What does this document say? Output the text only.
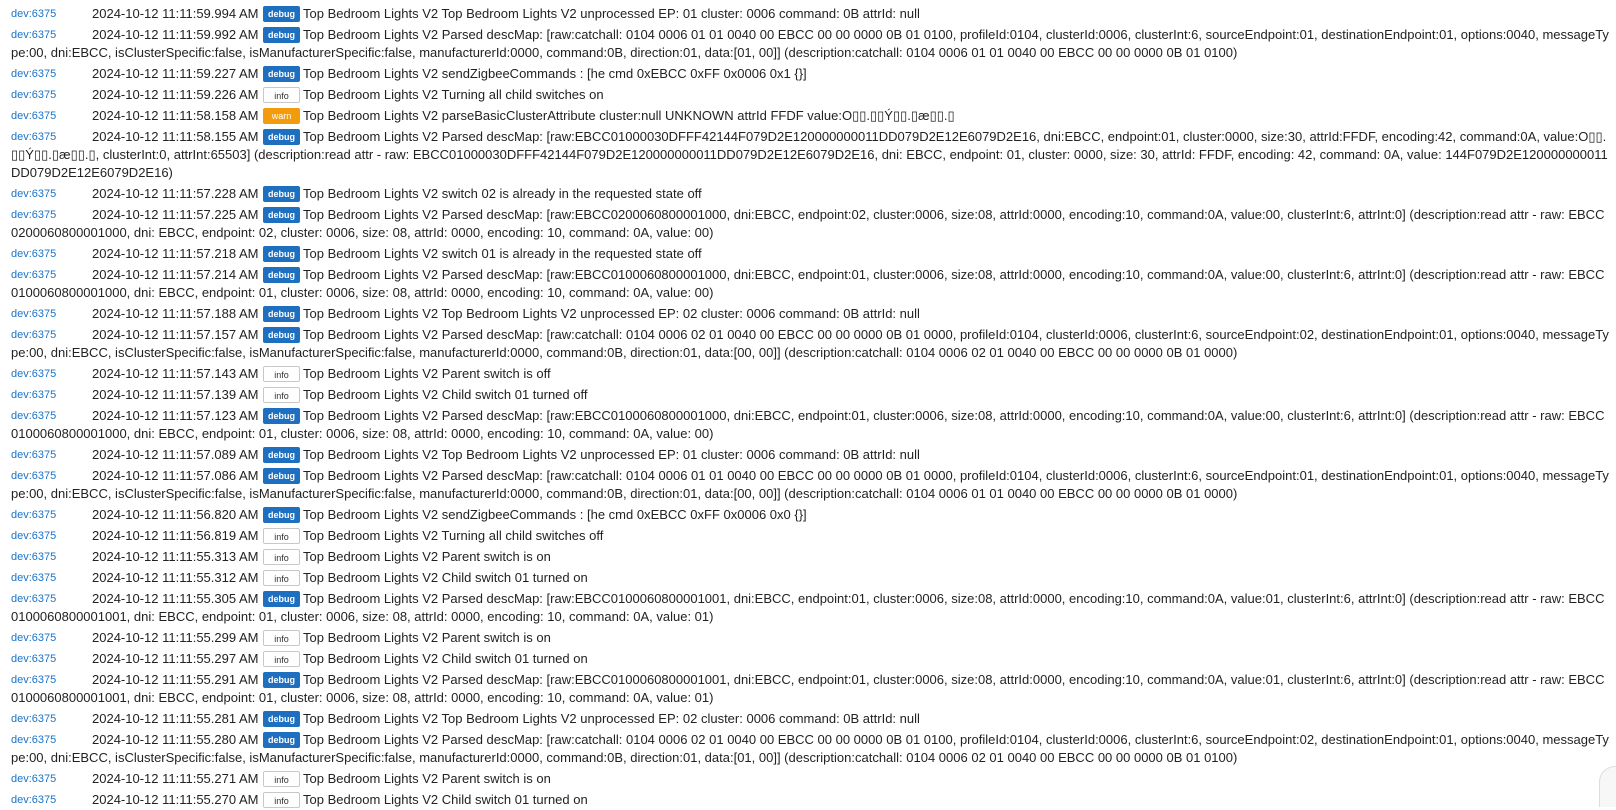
dev:6375	2024-10-12 11:11:59.994 AM	debug Top Bedroom Lights V2 Top Bedroom Lights V2 unprocessed EP: 01 cluster: 0006 command: 0B attrId: null
dev:6375	2024-10-12 11:11:59.992 AM	debug Top Bedroom Lights V2 Parsed descMap: [raw:catchall: 0104 0006 01 01 0040 00 EBCC 00 00 0000 0B 01 0100, profileId:0104, clusterId:0006, clusterInt:6, sourceEndpoint:01, destinationEndpoint:01, options:0040, messageType:00, dni:EBCC, isClusterSpecific:false, isManufacturerSpecific:false, manufacturerId:0000, command:0B, direction:01, data:[01, 00]] (description:catchall: 0104 0006 01 01 0040 00 EBCC 00 00 0000 0B 01 0100)
dev:6375	2024-10-12 11:11:59.227 AM	debug Top Bedroom Lights V2 sendZigbeeCommands : [he cmd 0xEBCC 0xFF 0x0006 0x1 {}]
dev:6375	2024-10-12 11:11:59.226 AM	info	Top Bedroom Lights V2 Turning all child switches on
dev:6375	2024-10-12 11:11:58.158 AM	warn Top Bedroom Lights V2 parseBasicClusterAttribute cluster:null UNKNOWN attrId FFDF value:O▯▯.▯▯Ý▯▯.▯æ▯▯.▯
dev:6375	2024-10-12 11:11:58.155 AM	debug Top Bedroom Lights V2 Parsed descMap: [raw:EBCC01000030DFFF42144F079D2E120000000011DD079D2E12E6079D2E16, dni:EBCC, endpoint:01, cluster:0000, size:30, attrId:FFDF, encoding:42, command:0A, value:O▯▯.▯▯Ý▯▯.▯æ▯▯.▯, clusterInt:0, attrInt:65503] (description:read attr - raw: EBCC01000030DFFF42144F079D2E120000000011DD079D2E12E6079D2E16, dni: EBCC, endpoint: 01, cluster: 0000, size: 30, attrId: FFDF, encoding: 42, command: 0A, value: 144F079D2E120000000011DD079D2E12E6079D2E16)
dev:6375	2024-10-12 11:11:57.228 AM	debug Top Bedroom Lights V2 switch 02 is already in the requested state off
dev:6375	2024-10-12 11:11:57.225 AM	debug Top Bedroom Lights V2 Parsed descMap: [raw:EBCC0200060800001000, dni:EBCC, endpoint:02, cluster:0006, size:08, attrId:0000, encoding:10, command:0A, value:00, clusterInt:6, attrInt:0] (description:read attr - raw: EBCC0200060800001000, dni: EBCC, endpoint: 02, cluster: 0006, size: 08, attrId: 0000, encoding: 10, command: 0A, value: 00)
dev:6375	2024-10-12 11:11:57.218 AM	debug Top Bedroom Lights V2 switch 01 is already in the requested state off
dev:6375	2024-10-12 11:11:57.214 AM	debug Top Bedroom Lights V2 Parsed descMap: [raw:EBCC0100060800001000, dni:EBCC, endpoint:01, cluster:0006, size:08, attrId:0000, encoding:10, command:0A, value:00, clusterInt:6, attrInt:0] (description:read attr - raw: EBCC0100060800001000, dni: EBCC, endpoint: 01, cluster: 0006, size: 08, attrId: 0000, encoding: 10, command: 0A, value: 00)
dev:6375	2024-10-12 11:11:57.188 AM	debug Top Bedroom Lights V2 Top Bedroom Lights V2 unprocessed EP: 02 cluster: 0006 command: 0B attrId: null
dev:6375	2024-10-12 11:11:57.157 AM	debug Top Bedroom Lights V2 Parsed descMap: [raw:catchall: 0104 0006 02 01 0040 00 EBCC 00 00 0000 0B 01 0000, profileId:0104, clusterId:0006, clusterInt:6, sourceEndpoint:02, destinationEndpoint:01, options:0040, messageType:00, dni:EBCC, isClusterSpecific:false, isManufacturerSpecific:false, manufacturerId:0000, command:0B, direction:01, data:[00, 00]] (description:catchall: 0104 0006 02 01 0040 00 EBCC 00 00 0000 0B 01 0000)
dev:6375	2024-10-12 11:11:57.143 AM	info	Top Bedroom Lights V2 Parent switch is off
dev:6375	2024-10-12 11:11:57.139 AM	info	Top Bedroom Lights V2 Child switch 01 turned off
dev:6375	2024-10-12 11:11:57.123 AM	debug Top Bedroom Lights V2 Parsed descMap: [raw:EBCC0100060800001000, dni:EBCC, endpoint:01, cluster:0006, size:08, attrId:0000, encoding:10, command:0A, value:00, clusterInt:6, attrInt:0] (description:read attr - raw: EBCC0100060800001000, dni: EBCC, endpoint: 01, cluster: 0006, size: 08, attrId: 0000, encoding: 10, command: 0A, value: 00)
dev:6375	2024-10-12 11:11:57.089 AM	debug Top Bedroom Lights V2 Top Bedroom Lights V2 unprocessed EP: 01 cluster: 0006 command: 0B attrId: null
dev:6375	2024-10-12 11:11:57.086 AM	debug Top Bedroom Lights V2 Parsed descMap: [raw:catchall: 0104 0006 01 01 0040 00 EBCC 00 00 0000 0B 01 0000, profileId:0104, clusterId:0006, clusterInt:6, sourceEndpoint:01, destinationEndpoint:01, options:0040, messageType:00, dni:EBCC, isClusterSpecific:false, isManufacturerSpecific:false, manufacturerId:0000, command:0B, direction:01, data:[00, 00]] (description:catchall: 0104 0006 01 01 0040 00 EBCC 00 00 0000 0B 01 0000)
dev:6375	2024-10-12 11:11:56.820 AM	debug Top Bedroom Lights V2 sendZigbeeCommands : [he cmd 0xEBCC 0xFF 0x0006 0x0 {}]
dev:6375	2024-10-12 11:11:56.819 AM	info	Top Bedroom Lights V2 Turning all child switches off
dev:6375	2024-10-12 11:11:55.313 AM	info	Top Bedroom Lights V2 Parent switch is on
dev:6375	2024-10-12 11:11:55.312 AM	info	Top Bedroom Lights V2 Child switch 01 turned on
dev:6375	2024-10-12 11:11:55.305 AM	debug Top Bedroom Lights V2 Parsed descMap: [raw:EBCC0100060800001001, dni:EBCC, endpoint:01, cluster:0006, size:08, attrId:0000, encoding:10, command:0A, value:01, clusterInt:6, attrInt:0] (description:read attr - raw: EBCC0100060800001001, dni: EBCC, endpoint: 01, cluster: 0006, size: 08, attrId: 0000, encoding: 10, command: 0A, value: 01)
dev:6375	2024-10-12 11:11:55.299 AM	info	Top Bedroom Lights V2 Parent switch is on
dev:6375	2024-10-12 11:11:55.297 AM	info	Top Bedroom Lights V2 Child switch 01 turned on
dev:6375	2024-10-12 11:11:55.291 AM	debug Top Bedroom Lights V2 Parsed descMap: [raw:EBCC0100060800001001, dni:EBCC, endpoint:01, cluster:0006, size:08, attrId:0000, encoding:10, command:0A, value:01, clusterInt:6, attrInt:0] (description:read attr - raw: EBCC0100060800001001, dni: EBCC, endpoint: 01, cluster: 0006, size: 08, attrId: 0000, encoding: 10, command: 0A, value: 01)
dev:6375	2024-10-12 11:11:55.281 AM	debug Top Bedroom Lights V2 Top Bedroom Lights V2 unprocessed EP: 02 cluster: 0006 command: 0B attrId: null
dev:6375	2024-10-12 11:11:55.280 AM	debug Top Bedroom Lights V2 Parsed descMap: [raw:catchall: 0104 0006 02 01 0040 00 EBCC 00 00 0000 0B 01 0100, profileId:0104, clusterId:0006, clusterInt:6, sourceEndpoint:02, destinationEndpoint:01, options:0040, messageType:00, dni:EBCC, isClusterSpecific:false, isManufacturerSpecific:false, manufacturerId:0000, command:0B, direction:01, data:[01, 00]] (description:catchall: 0104 0006 02 01 0040 00 EBCC 00 00 0000 0B 01 0100)
dev:6375	2024-10-12 11:11:55.271 AM	info	Top Bedroom Lights V2 Parent switch is on
dev:6375	2024-10-12 11:11:55.270 AM	info	Top Bedroom Lights V2 Child switch 01 turned on
